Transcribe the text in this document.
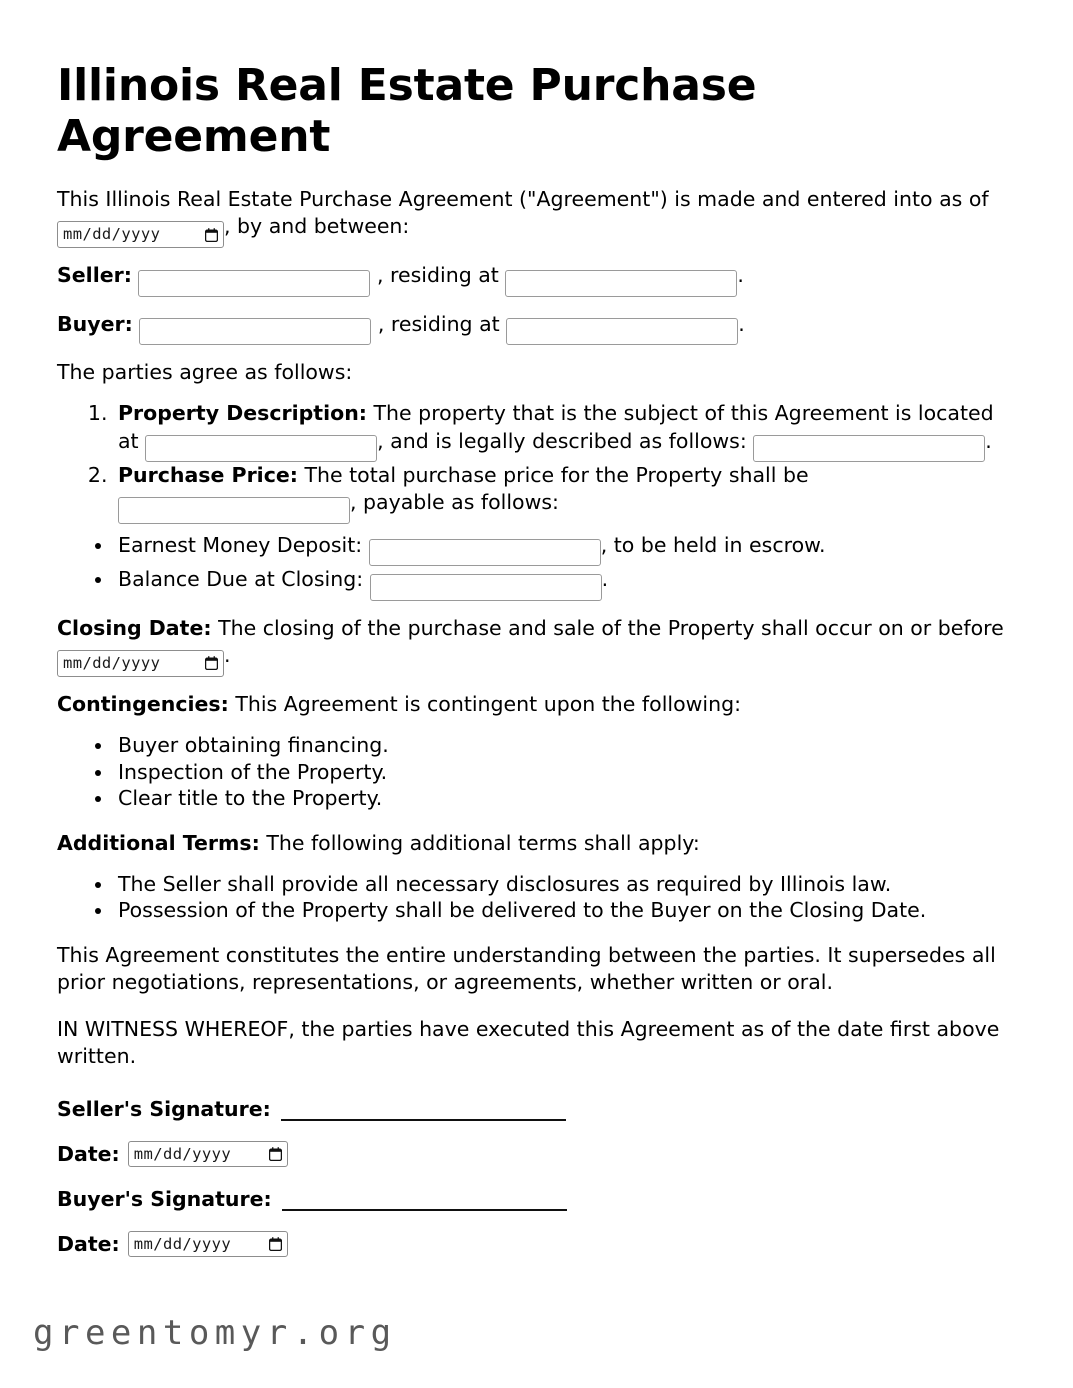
Illinois Real Estate Purchase Agreement

This Illinois Real Estate Purchase Agreement ("Agreement") is made and entered into as of
mm/dd/yyyy	, by and between:

Seller:	, residing at	.

Buyer:	, residing at	.

The parties agree as follows:

1. Property Description: The property that is the subject of this Agreement is located at	, and is legally described as follows:	.
2. Purchase Price: The total purchase price for the Property shall be , payable as follows:
• Earnest Money Deposit:	, to be held in escrow.
• Balance Due at Closing:	.

Closing Date: The closing of the purchase and sale of the Property shall occur on or before
mm/dd/yyyy	.

Contingencies: This Agreement is contingent upon the following:

• Buyer obtaining financing.
• Inspection of the Property.
• Clear title to the Property.

Additional Terms: The following additional terms shall apply:

• The Seller shall provide all necessary disclosures as required by Illinois law.
• Possession of the Property shall be delivered to the Buyer on the Closing Date.

This Agreement constitutes the entire understanding between the parties. It supersedes all prior negotiations, representations, or agreements, whether written or oral.

IN WITNESS WHEREOF, the parties have executed this Agreement as of the date first above written.

Seller's Signature:
Date: mm/dd/yyyy
Buyer's Signature:
Date: mm/dd/yyyy
greentomyr.org
